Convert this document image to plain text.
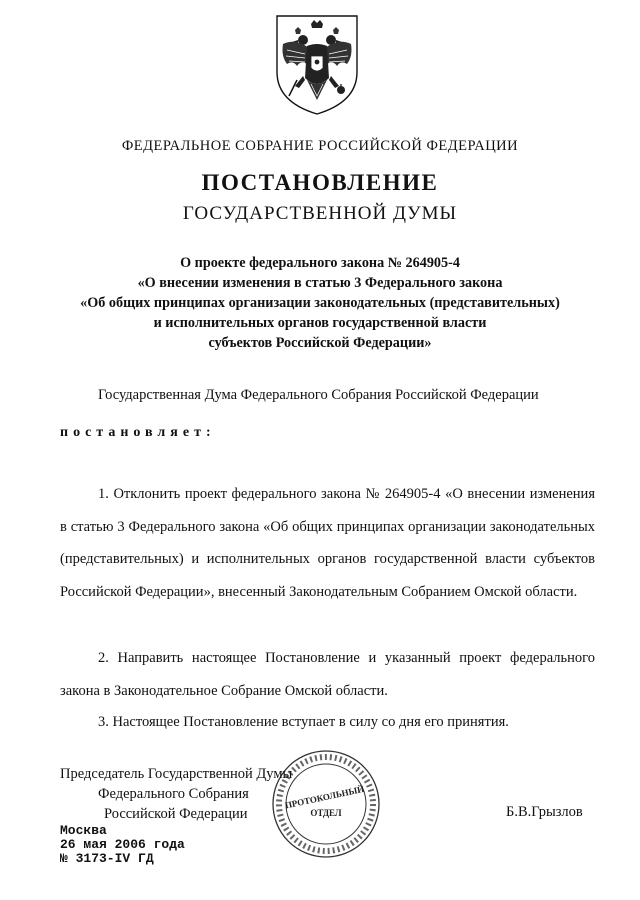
ФЕДЕРАЛЬНОЕ СОБРАНИЕ РОССИЙСКОЙ ФЕДЕРАЦИИ
ПОСТАНОВЛЕНИЕ
ГОСУДАРСТВЕННОЙ ДУМЫ
О проекте федерального закона № 264905-4
«О внесении изменения в статью 3 Федерального закона
«Об общих принципах организации законодательных (представительных)
и исполнительных органов государственной власти
субъектов Российской Федерации»
Государственная Дума Федерального Собрания Российской Федерации
постановляет:
1. Отклонить проект федерального закона № 264905-4 «О внесении изменения в статью 3 Федерального закона «Об общих принципах организации законодательных (представительных) и исполнительных органов государственной власти субъектов Российской Федерации», внесенный Законодательным Собранием Омской области.
2. Направить настоящее Постановление и указанный проект федерального закона в Законодательное Собрание Омской области.
3. Настоящее Постановление вступает в силу со дня его принятия.
ПРОТОКОЛЬНЫЙ
ОТДЕЛ
Председатель Государственной Думы
Федерального Собрания
Российской Федерации	Б.В.Грызлов
Москва
26 мая 2006 года
№ 3173-IV ГД
